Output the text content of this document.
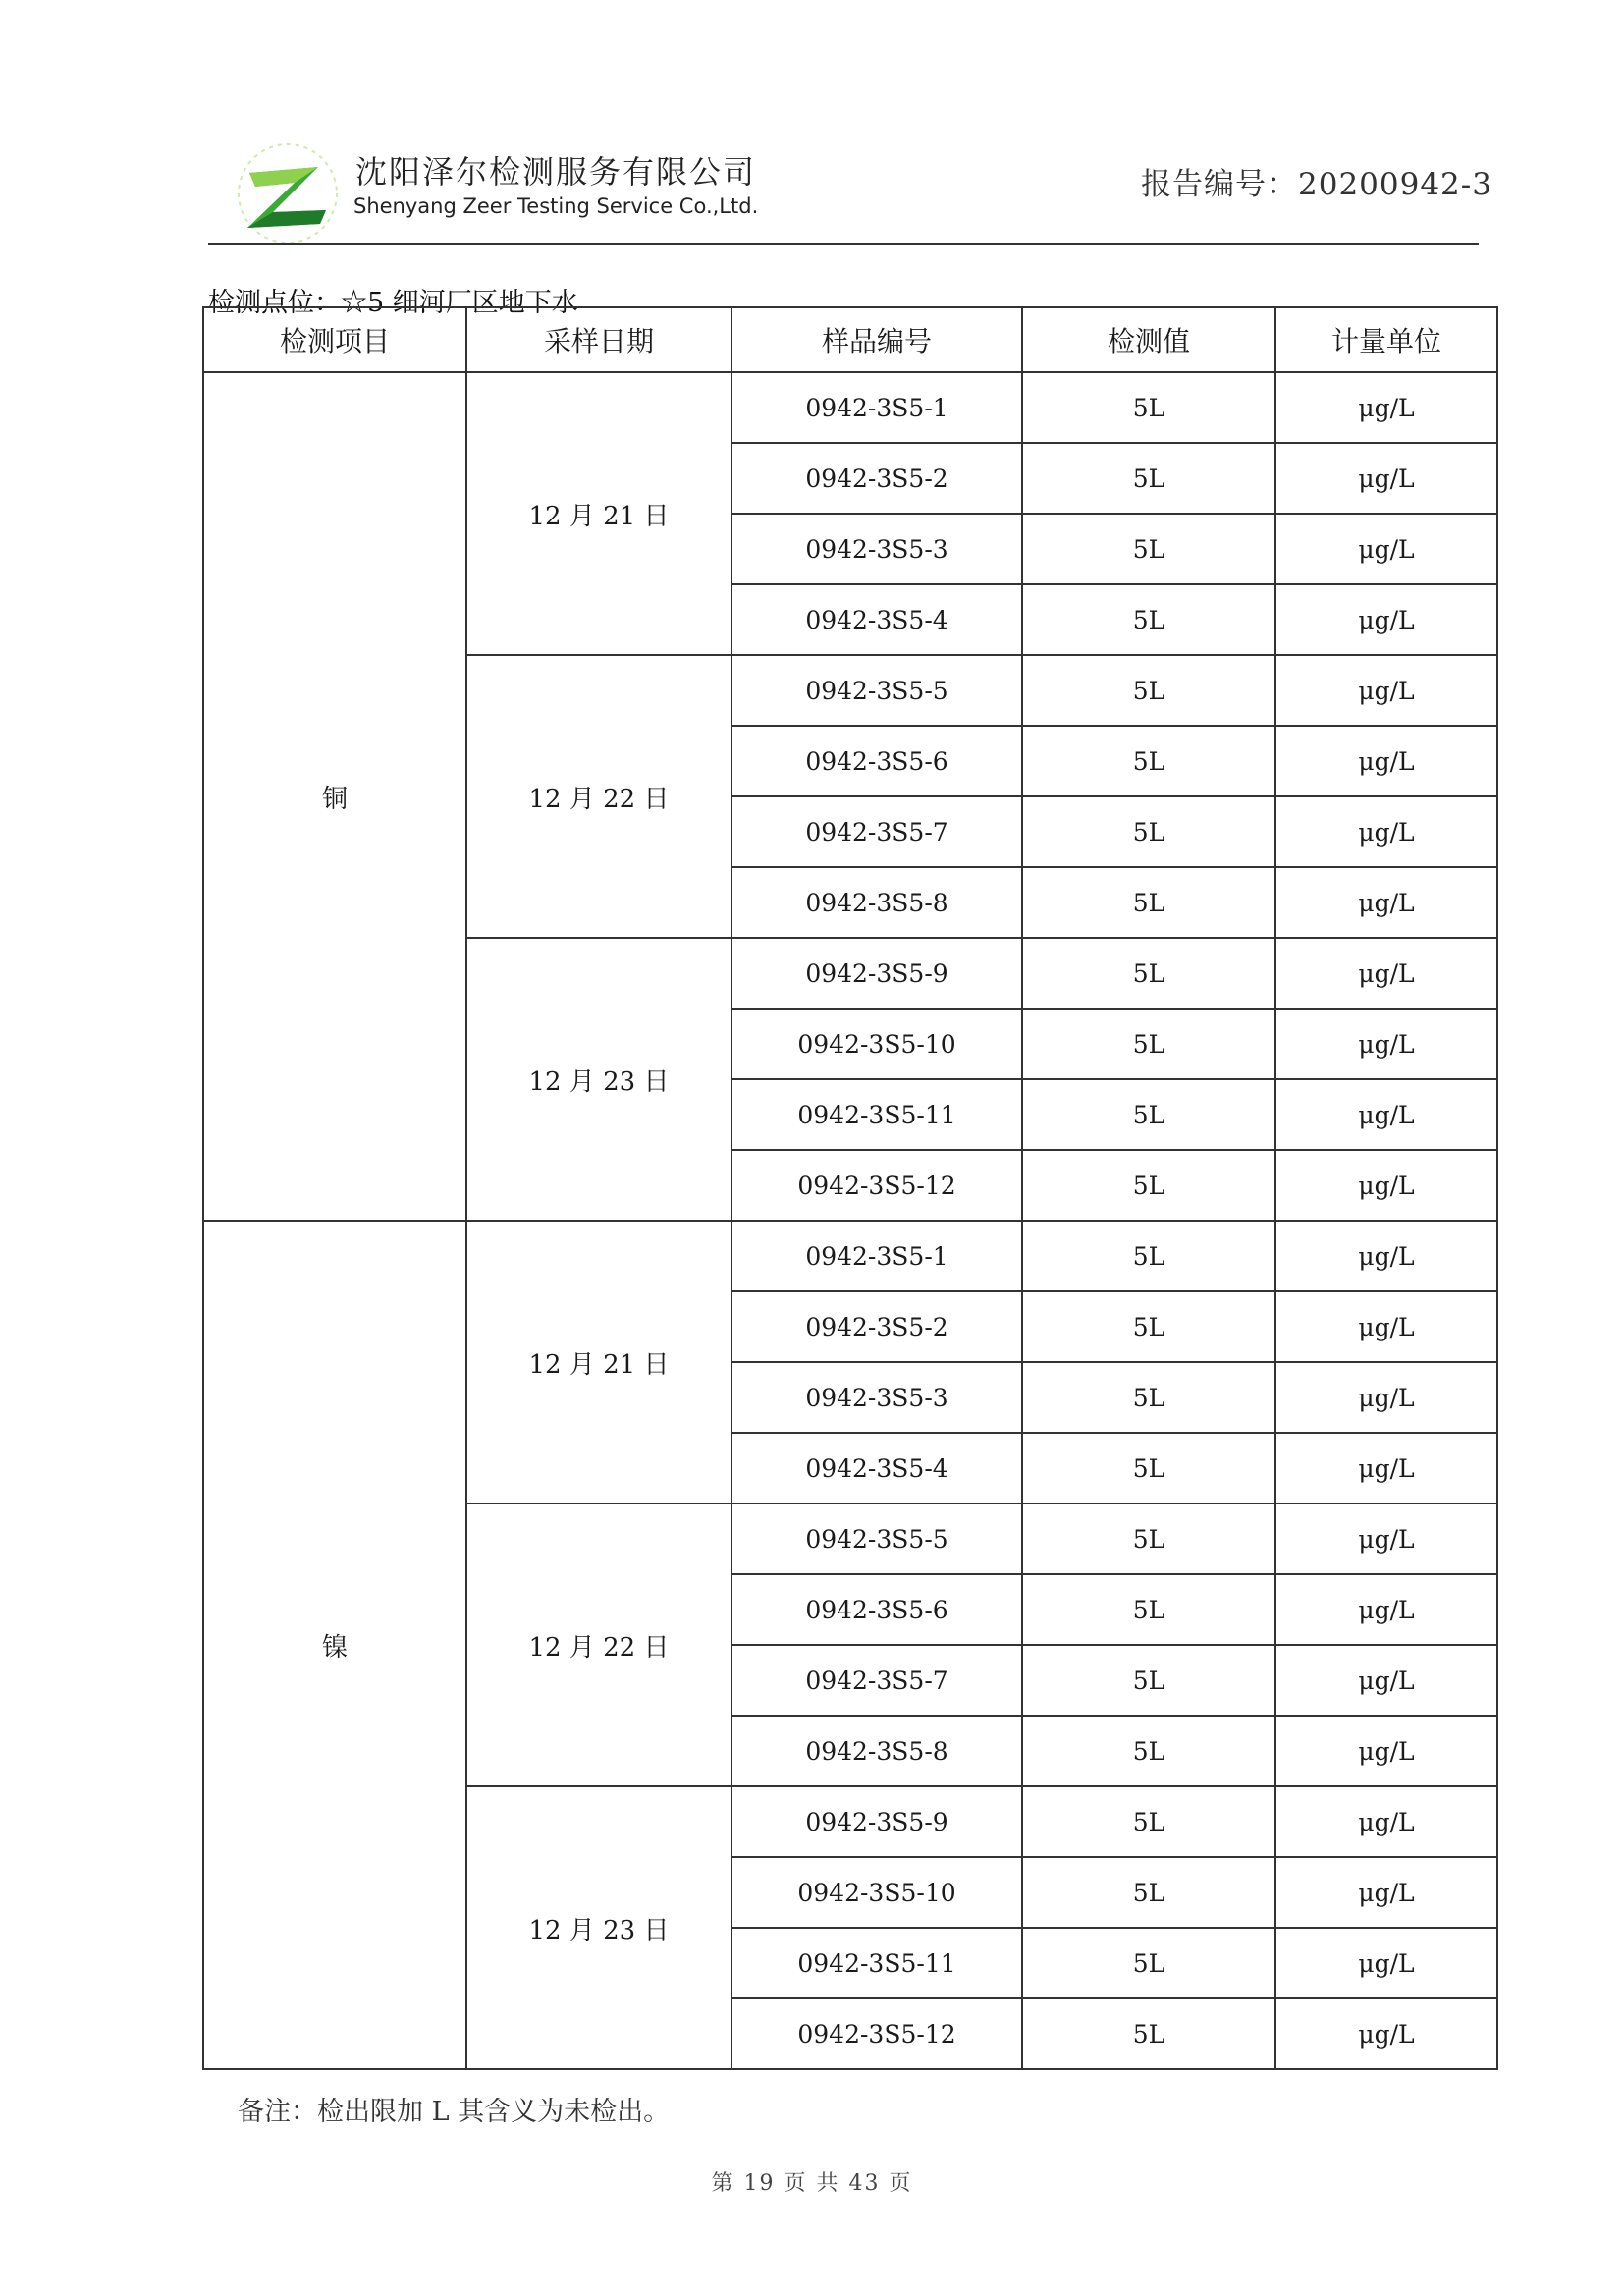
沈阳泽尔检测服务有限公司
Shenyang Zeer Testing Service Co.,Ltd.
报告编号：20200942-3
检测点位：☆5 细河厂区地下水
检测项目	采样日期	样品编号	检测值	计量单位
铜	12 月 21 日	0942-3S5-1	5L	μg/L
		0942-3S5-2	5L	μg/L
		0942-3S5-3	5L	μg/L
		0942-3S5-4	5L	μg/L
	12 月 22 日	0942-3S5-5	5L	μg/L
		0942-3S5-6	5L	μg/L
		0942-3S5-7	5L	μg/L
		0942-3S5-8	5L	μg/L
	12 月 23 日	0942-3S5-9	5L	μg/L
		0942-3S5-10	5L	μg/L
		0942-3S5-11	5L	μg/L
		0942-3S5-12	5L	μg/L
镍	12 月 21 日	0942-3S5-1	5L	μg/L
		0942-3S5-2	5L	μg/L
		0942-3S5-3	5L	μg/L
		0942-3S5-4	5L	μg/L
	12 月 22 日	0942-3S5-5	5L	μg/L
		0942-3S5-6	5L	μg/L
		0942-3S5-7	5L	μg/L
		0942-3S5-8	5L	μg/L
	12 月 23 日	0942-3S5-9	5L	μg/L
		0942-3S5-10	5L	μg/L
		0942-3S5-11	5L	μg/L
		0942-3S5-12	5L	μg/L
备注：检出限加 L 其含义为未检出。
第 19 页 共 43 页
